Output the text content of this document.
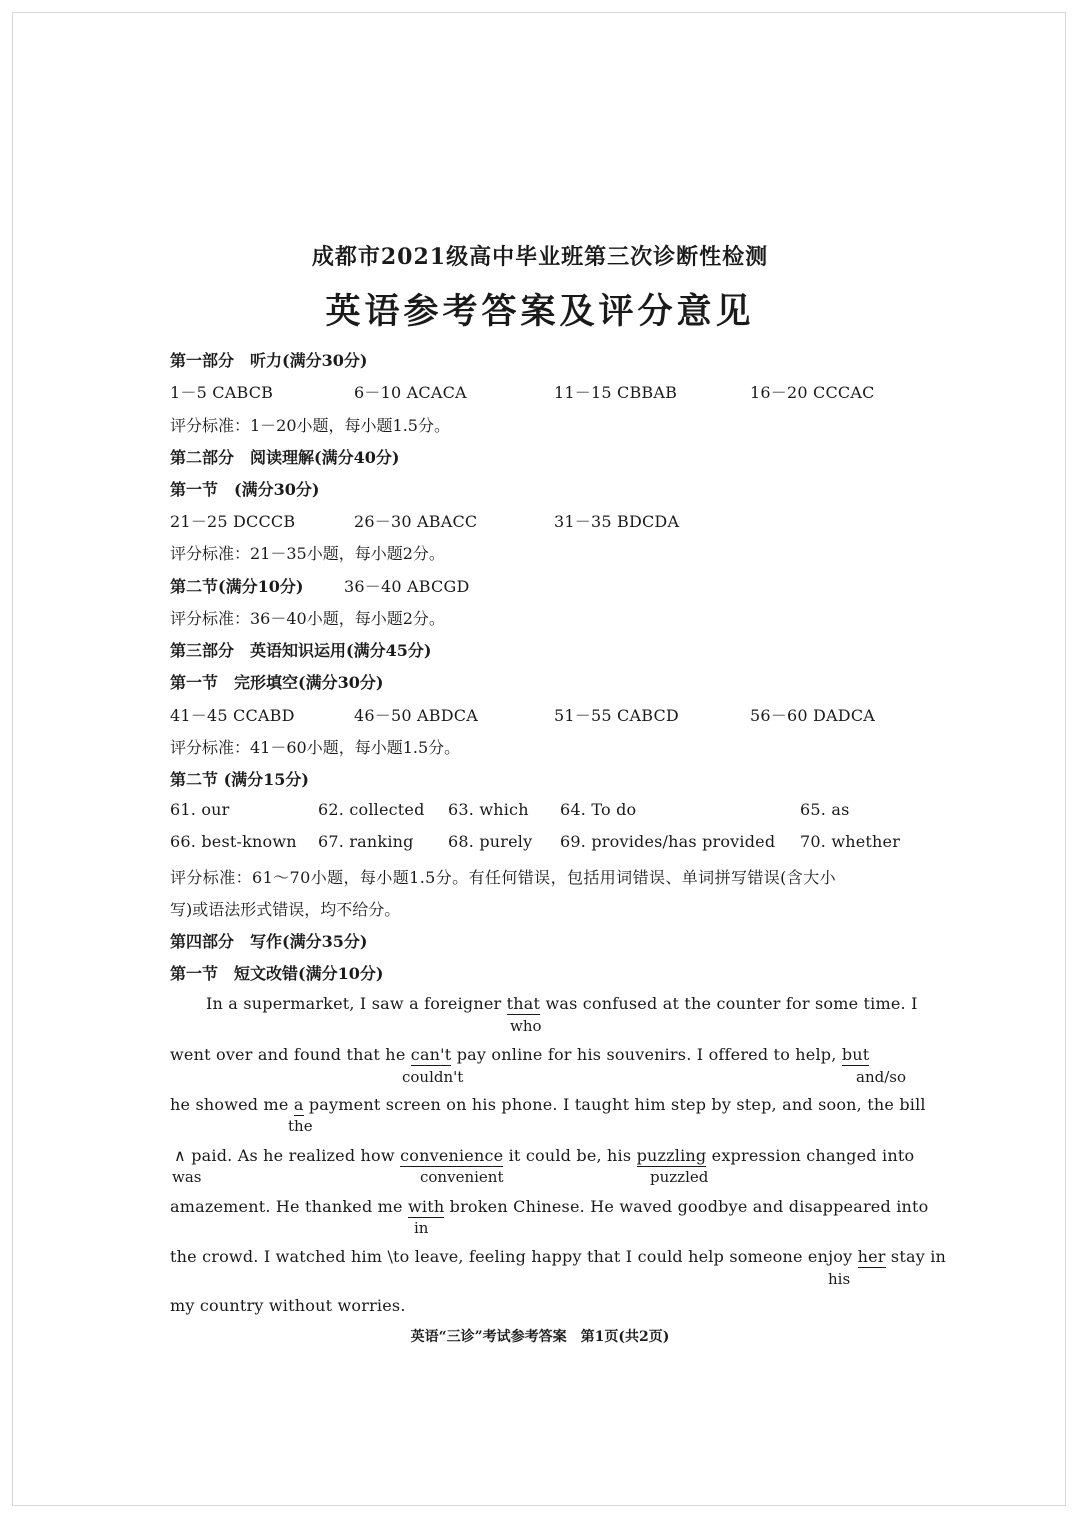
成都市2021级高中毕业班第三次诊断性检测
英语参考答案及评分意见
第一部分　听力(满分30分)
1－5 CABCB	6－10 ACACA	11－15 CBBAB	16－20 CCCAC
评分标准：1－20小题，每小题1.5分。
第二部分　阅读理解(满分40分)
第一节　(满分30分)
21－25 DCCCB	26－30 ABACC	31－35 BDCDA
评分标准：21－35小题，每小题2分。
第二节(满分10分)	36－40 ABCGD
评分标准：36－40小题，每小题2分。
第三部分　英语知识运用(满分45分)
第一节　完形填空(满分30分)
41－45 CCABD	46－50 ABDCA	51－55 CABCD	56－60 DADCA
评分标准：41－60小题，每小题1.5分。
第二节 (满分15分)
61. our	62. collected 63. which 64. To do	65. as
66. best-known 67. ranking 68. purely 69. provides/has provided 70. whether
评分标准：61～70小题，每小题1.5分。有任何错误，包括用词错误、单词拼写错误(含大小
写)或语法形式错误，均不给分。
第四部分　写作(满分35分)
第一节　短文改错(满分10分)
In a supermarket, I saw a foreigner that was confused at the counter for some time. I
who
went over and found that he can't pay online for his souvenirs. I offered to help, but
couldn't	and/so
he showed me a payment screen on his phone. I taught him step by step, and soon, the bill
the
∧ paid. As he realized how convenience it could be, his puzzling expression changed into
was	convenient	puzzled
amazement. He thanked me with broken Chinese. He waved goodbye and disappeared into
in
the crowd. I watched him \to leave, feeling happy that I could help someone enjoy her stay in
his
my country without worries.
英语“三诊”考试参考答案　第1页(共2页)
